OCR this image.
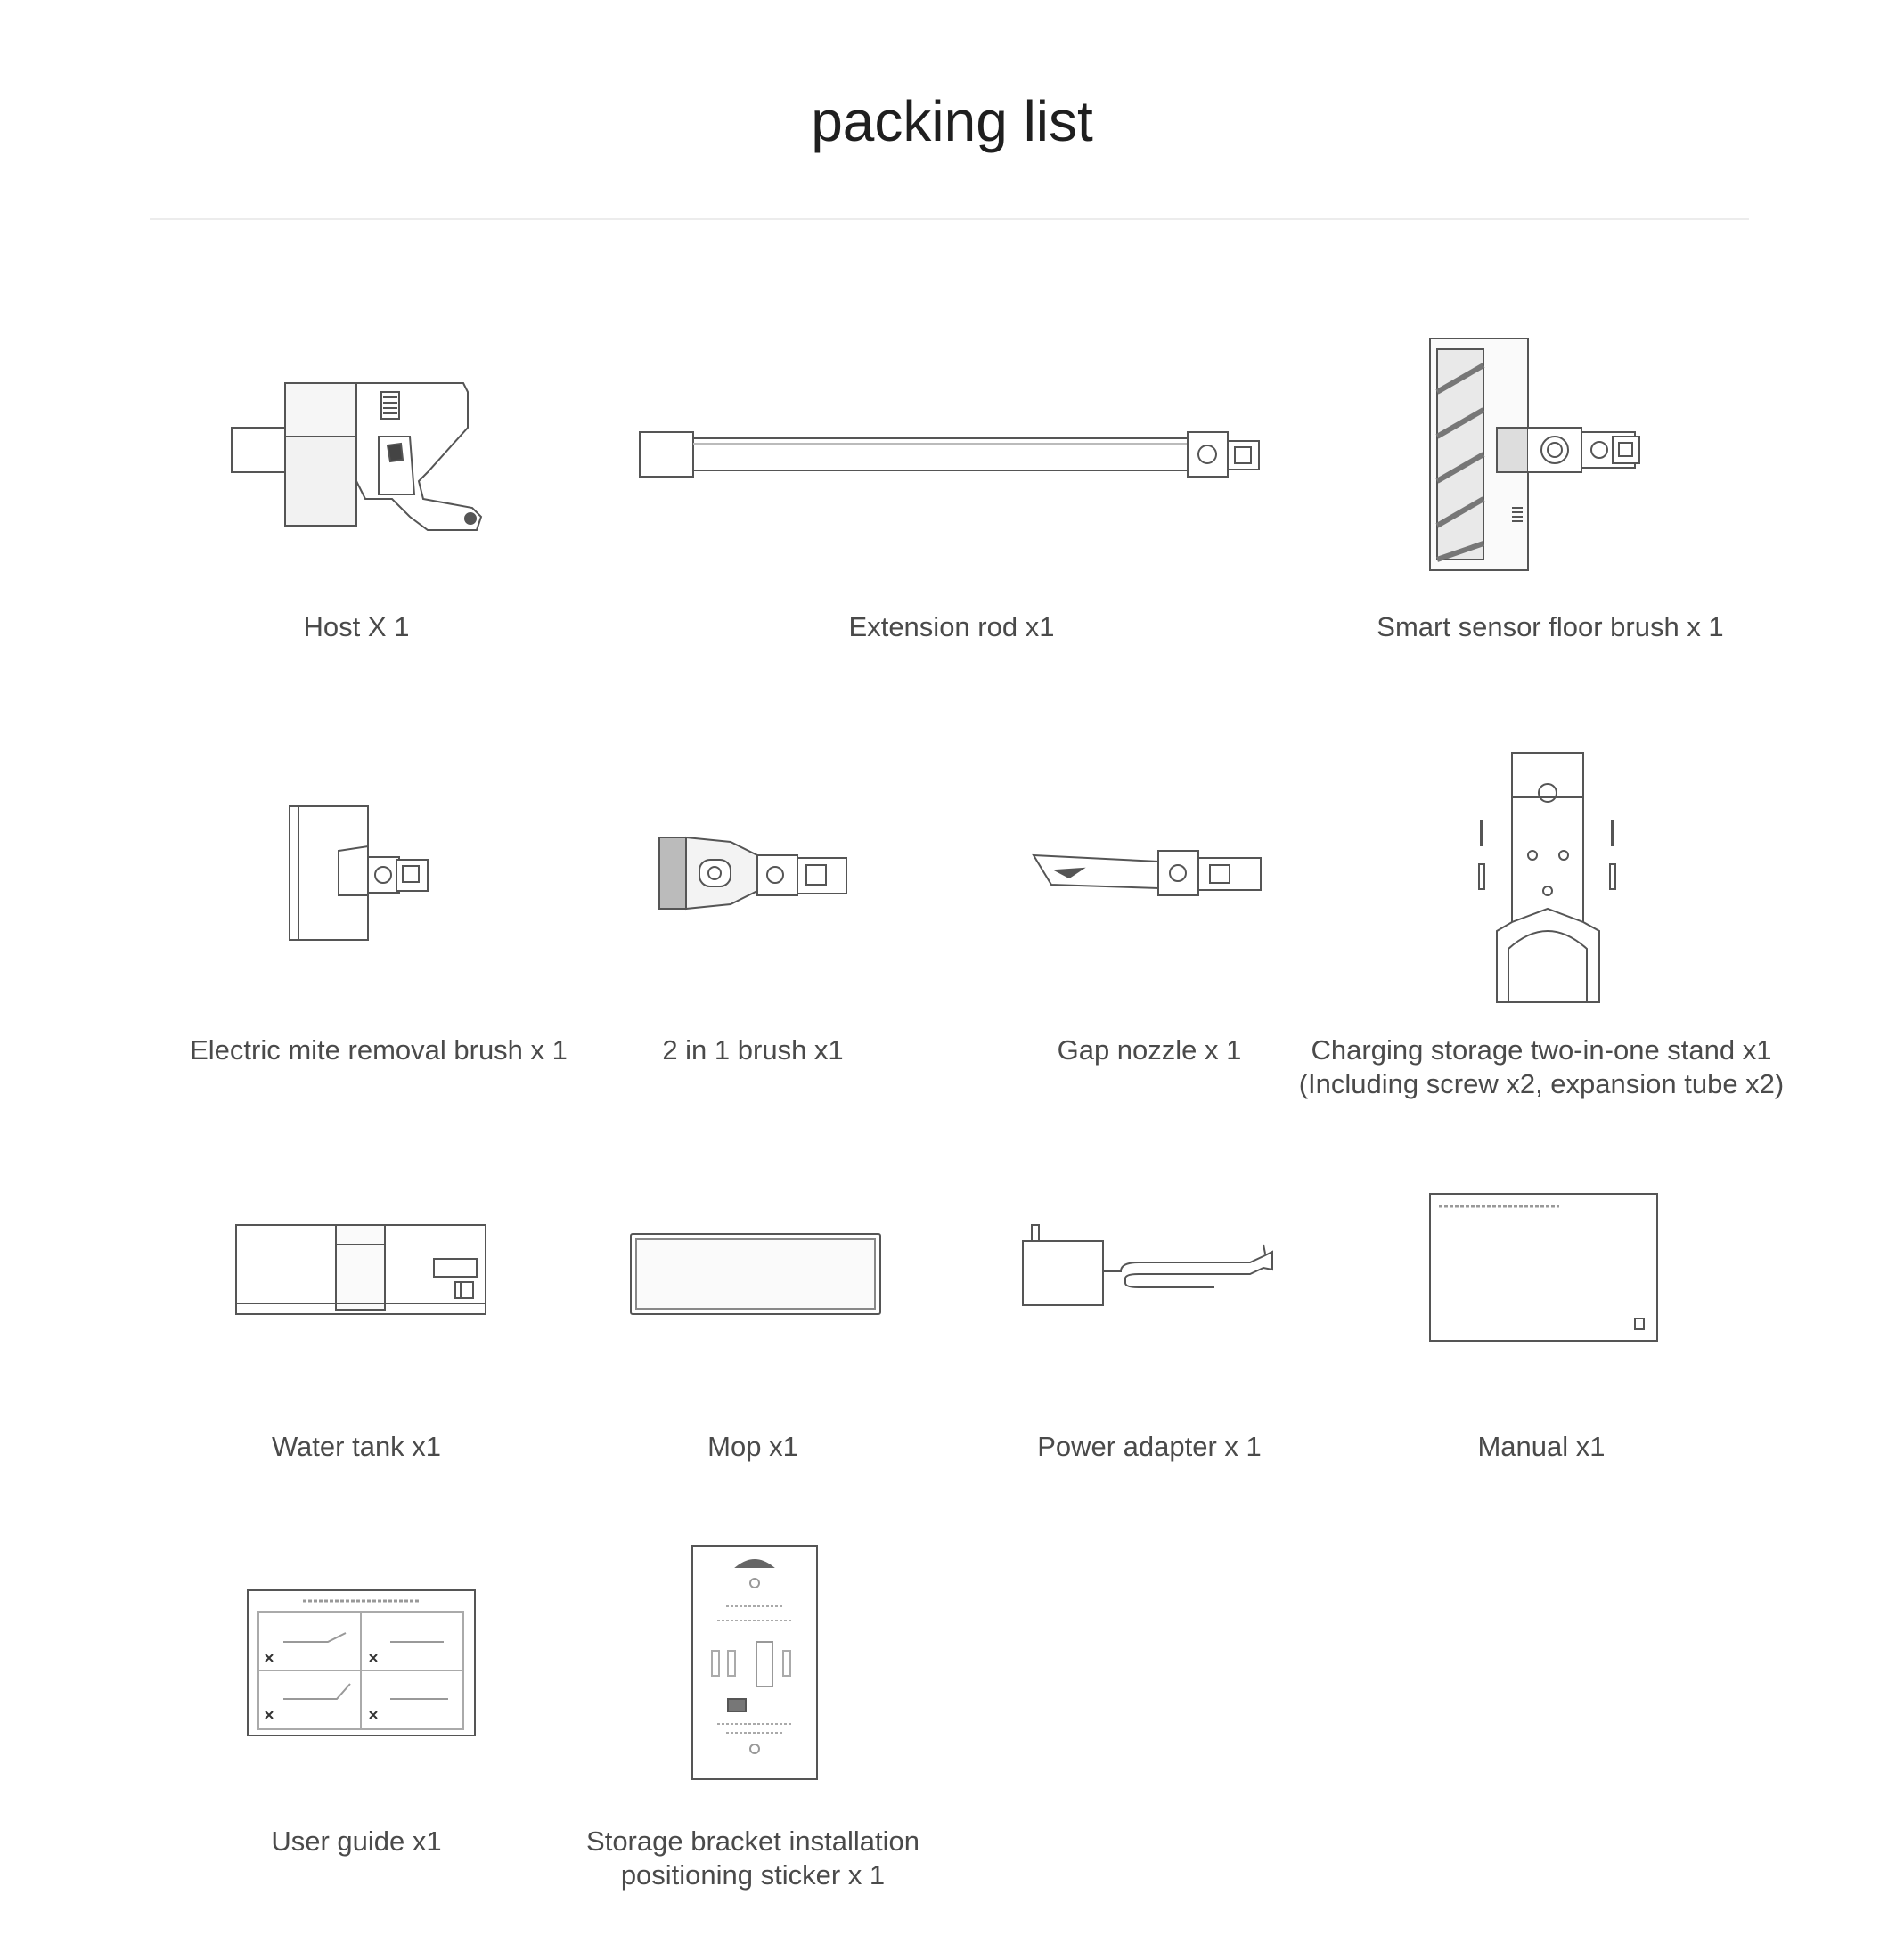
packing list
Host X 1	Extension rod x1	Smart sensor floor brush x 1
Electric mite removal brush x 1	2 in 1 brush x1	Gap nozzle x 1	Charging storage two-in-one stand x1
(Including screw x2, expansion tube x2)
Water tank x1	Mop x1	Power adapter x 1	Manual x1
User guide x1	Storage bracket installation
positioning sticker x 1
